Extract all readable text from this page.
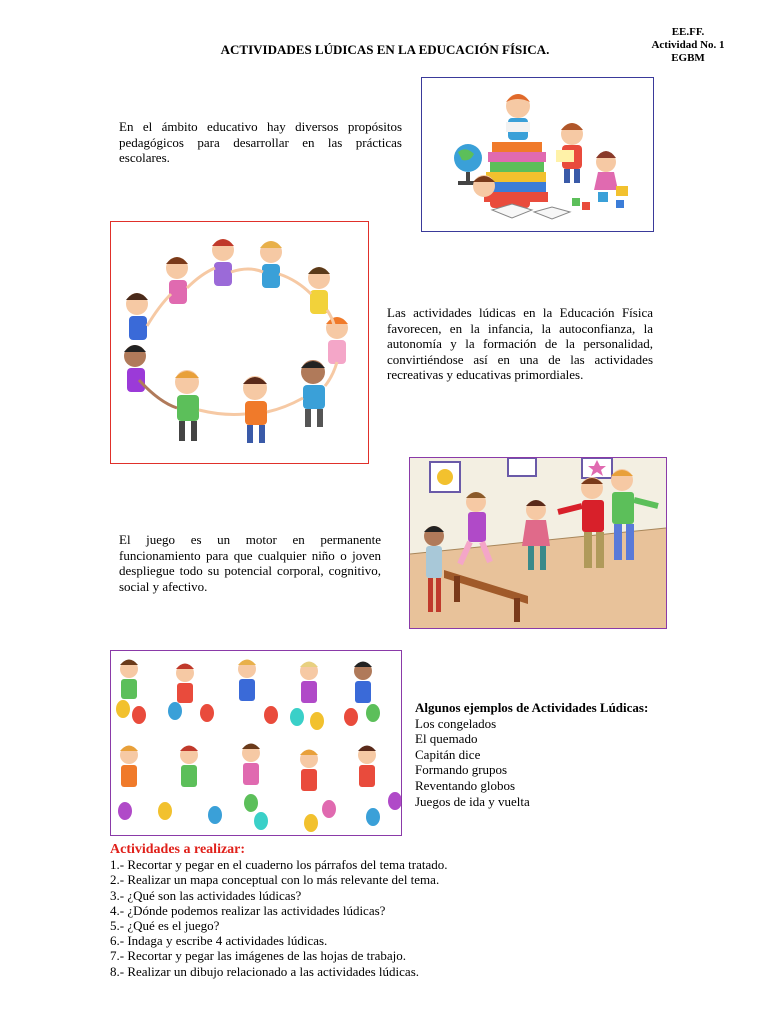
EE.FF.
Actividad No. 1
EGBM
ACTIVIDADES LÚDICAS EN LA EDUCACIÓN FÍSICA.
En el ámbito educativo hay diversos propósitos pedagógicos para desarrollar en las prácticas escolares.
Las actividades lúdicas en la Educación Física favorecen, en la infancia, la autoconfianza, la autonomía y la formación de la personalidad, convirtiéndose así en una de las actividades recreativas y educativas primordiales.
El juego es un motor en permanente funcionamiento para que cualquier niño o joven despliegue todo su potencial corporal, cognitivo, social y afectivo.
Algunos ejemplos de Actividades Lúdicas:
Los congelados
El quemado
Capitán dice
Formando grupos
Reventando globos
Juegos de ida y vuelta
Actividades a realizar:
1.- Recortar y pegar en el cuaderno los párrafos del tema tratado.
2.- Realizar un mapa conceptual con lo más relevante del tema.
3.- ¿Qué son las actividades lúdicas?
4.- ¿Dónde podemos realizar las actividades lúdicas?
5.- ¿Qué es el juego?
6.- Indaga y escribe 4 actividades lúdicas.
7.- Recortar y pegar las imágenes de las hojas de trabajo.
8.- Realizar un dibujo relacionado a las actividades lúdicas.
